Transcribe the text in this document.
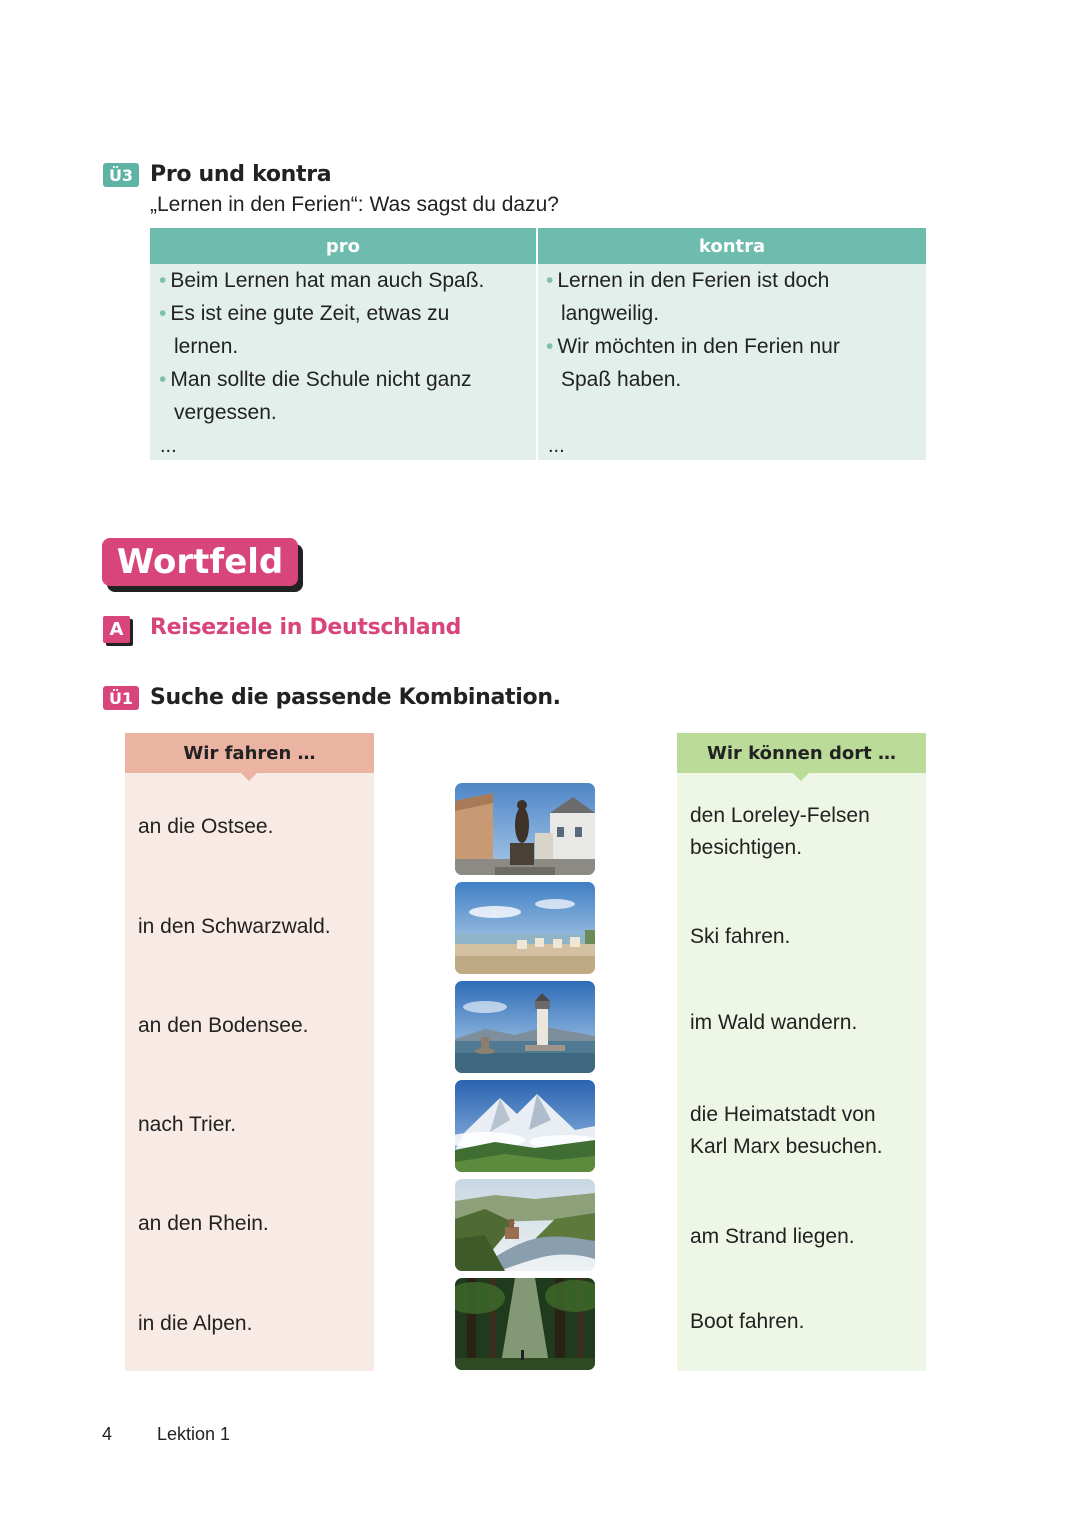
Ü3 Pro und kontra
„Lernen in den Ferien“: Was sagst du dazu?
pro	kontra
• Beim Lernen hat man auch Spaß.
• Es ist eine gute Zeit, etwas zu
lernen.
• Man sollte die Schule nicht ganz
vergessen.
...
• Lernen in den Ferien ist doch
langweilig.
• Wir möchten in den Ferien nur
Spaß haben.
...
Wortfeld
A Reiseziele in Deutschland
Ü1 Suche die passende Kombination.
Wir fahren …
an die Ostsee.
in den Schwarzwald.
an den Bodensee.
nach Trier.
an den Rhein.
in die Alpen.
Wir können dort …
den Loreley-Felsen
besichtigen.
Ski fahren.
im Wald wandern.
die Heimatstadt von
Karl Marx besuchen.
am Strand liegen.
Boot fahren.
4 Lektion 1
